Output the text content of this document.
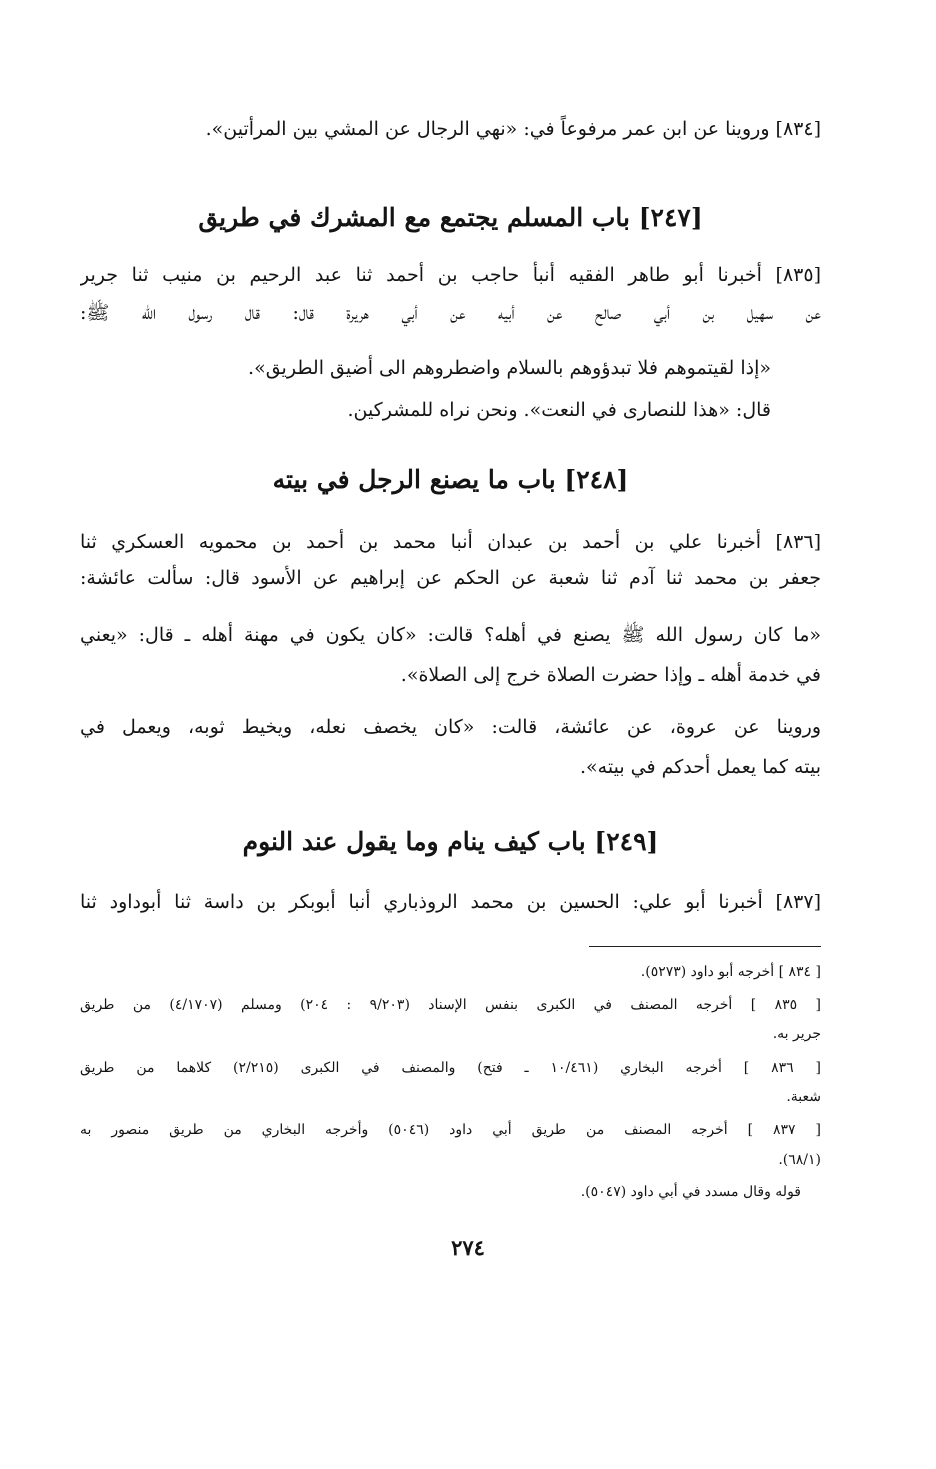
[٨٣٤] وروينا عن ابن عمر مرفوعاً في: «نهي الرجال عن المشي بين المرأتين».
[٢٤٧] باب المسلم يجتمع مع المشرك في طريق
[٨٣٥] أخبرنا أبو طاهر الفقيه أنبأ حاجب بن أحمد ثنا عبد الرحيم بن منيب ثنا جرير
عن سهيل بن أبي صالح عن أبيه عن أبي هريرة قال: قال رسول الله ﷺ:
«إذا لقيتموهم فلا تبدؤوهم بالسلام واضطروهم الى أضيق الطريق».
قال: «هذا للنصارى في النعت». ونحن نراه للمشركين.
[٢٤٨] باب ما يصنع الرجل في بيته
[٨٣٦] أخبرنا علي بن أحمد بن عبدان أنبا محمد بن أحمد بن محمويه العسكري ثنا
جعفر بن محمد ثنا آدم ثنا شعبة عن الحكم عن إبراهيم عن الأسود قال: سألت عائشة:
«ما كان رسول الله ﷺ يصنع في أهله؟ قالت: «كان يكون في مهنة أهله ـ قال: «يعني
في خدمة أهله ـ وإذا حضرت الصلاة خرج إلى الصلاة».
وروينا عن عروة، عن عائشة، قالت: «كان يخصف نعله، ويخيط ثوبه، ويعمل في
بيته كما يعمل أحدكم في بيته».
[٢٤٩] باب كيف ينام وما يقول عند النوم
[٨٣٧] أخبرنا أبو علي: الحسين بن محمد الروذباري أنبا أبوبكر بن داسة ثنا أبوداود ثنا
[ ٨٣٤ ] أخرجه أبو داود (٥٢٧٣).
[ ٨٣٥ ] أخرجه المصنف في الكبرى بنفس الإسناد (٩/٢٠٣ : ٢٠٤) ومسلم (٤/١٧٠٧) من طريق
جرير به.
[ ٨٣٦ ] أخرجه البخاري (١٠/٤٦١ ـ فتح) والمصنف في الكبرى (٢/٢١٥) كلاهما من طريق
شعبة.
[ ٨٣٧ ] أخرجه المصنف من طريق أبي داود (٥٠٤٦) وأخرجه البخاري من طريق منصور به
(٦٨/١).
قوله وقال مسدد في أبي داود (٥٠٤٧).
٢٧٤
